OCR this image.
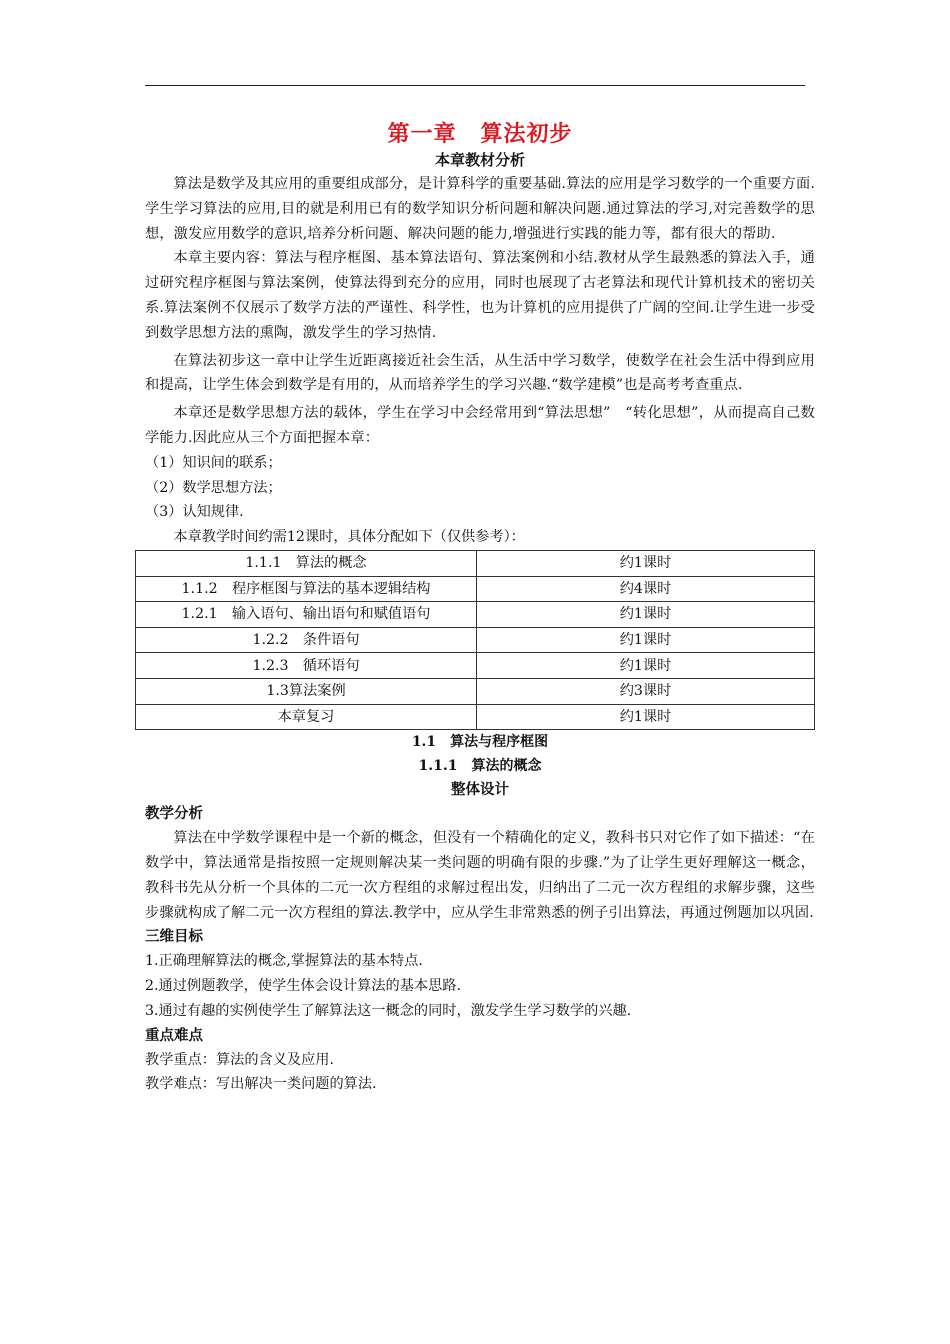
第一章 算法初步
本章教材分析

算法是数学及其应用的重要组成部分，是计算科学的重要基础.算法的应用是学习数学的一个重要方面.学生学习算法的应用,目的就是利用已有的数学知识分析问题和解决问题.通过算法的学习,对完善数学的思想，激发应用数学的意识,培养分析问题、解决问题的能力,增强进行实践的能力等，都有很大的帮助.

本章主要内容：算法与程序框图、基本算法语句、算法案例和小结.教材从学生最熟悉的算法入手，通过研究程序框图与算法案例，使算法得到充分的应用，同时也展现了古老算法和现代计算机技术的密切关系.算法案例不仅展示了数学方法的严谨性、科学性，也为计算机的应用提供了广阔的空间.让学生进一步受到数学思想方法的熏陶，激发学生的学习热情.

在算法初步这一章中让学生近距离接近社会生活，从生活中学习数学，使数学在社会生活中得到应用和提高，让学生体会到数学是有用的，从而培养学生的学习兴趣.“数学建模”也是高考考查重点.

本章还是数学思想方法的载体，学生在学习中会经常用到“算法思想”　“转化思想”，从而提高自己数学能力.因此应从三个方面把握本章：

（1）知识间的联系；

（2）数学思想方法；

（3）认知规律.

本章教学时间约需12课时，具体分配如下（仅供参考）：

1.1.1　算法的概念	约1课时
1.1.2　程序框图与算法的基本逻辑结构	约4课时
1.2.1　输入语句、输出语句和赋值语句	约1课时
1.2.2　条件语句	约1课时
1.2.3　循环语句	约1课时
1.3算法案例	约3课时
本章复习	约1课时
1.1　算法与程序框图
1.1.1　算法的概念
整体设计
教学分析

算法在中学数学课程中是一个新的概念，但没有一个精确化的定义，教科书只对它作了如下描述：“在数学中，算法通常是指按照一定规则解决某一类问题的明确有限的步骤.”为了让学生更好理解这一概念，教科书先从分析一个具体的二元一次方程组的求解过程出发，归纳出了二元一次方程组的求解步骤，这些步骤就构成了解二元一次方程组的算法.教学中，应从学生非常熟悉的例子引出算法，再通过例题加以巩固.

三维目标

1.正确理解算法的概念,掌握算法的基本特点.

2.通过例题教学，使学生体会设计算法的基本思路.

3.通过有趣的实例使学生了解算法这一概念的同时，激发学生学习数学的兴趣.

重点难点

教学重点：算法的含义及应用.

教学难点：写出解决一类问题的算法.
